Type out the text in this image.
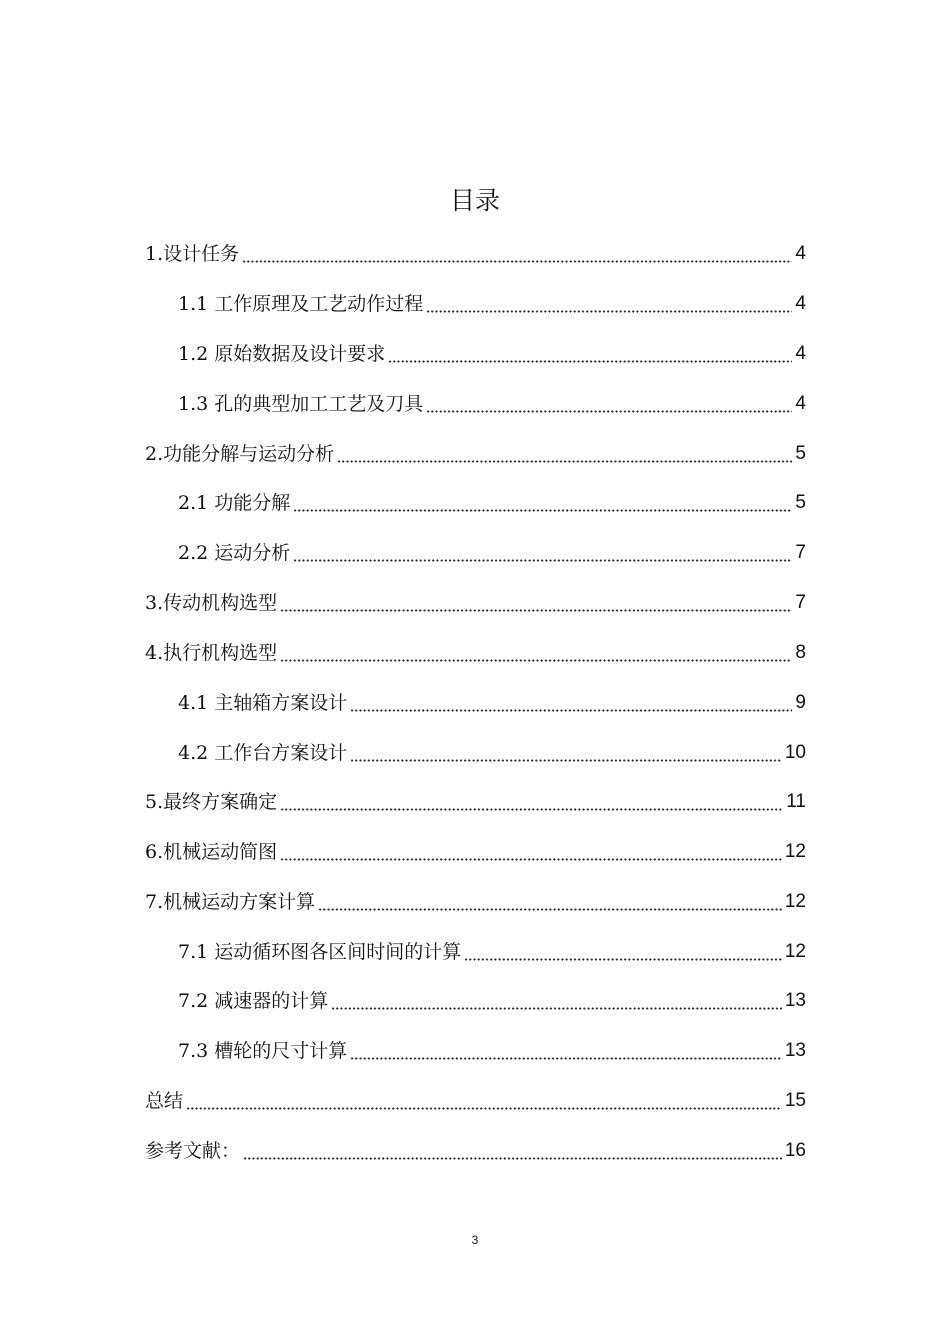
目录
1.设计任务	4
1.1 工作原理及工艺动作过程	4
1.2 原始数据及设计要求	4
1.3 孔的典型加工工艺及刀具	4
2.功能分解与运动分析	5
2.1 功能分解	5
2.2 运动分析	7
3.传动机构选型	7
4.执行机构选型	8
4.1 主轴箱方案设计	9
4.2 工作台方案设计	10
5.最终方案确定	11
6.机械运动简图	12
7.机械运动方案计算	12
7.1 运动循环图各区间时间的计算	12
7.2 减速器的计算	13
7.3 槽轮的尺寸计算	13
总结	15
参考文献：	16
3
